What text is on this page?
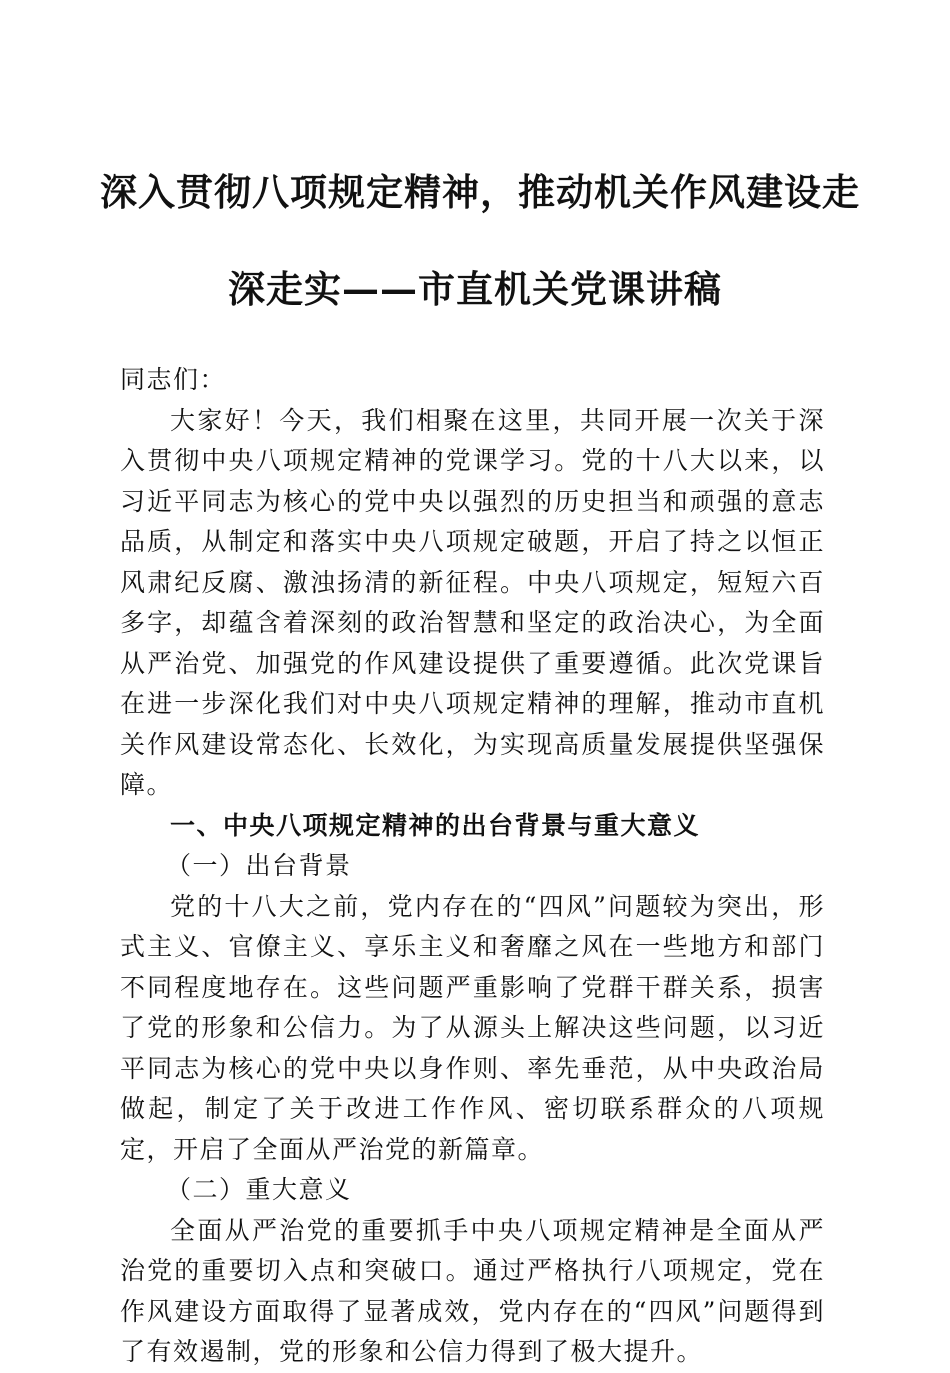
深入贯彻八项规定精神，推动机关作风建设走
深走实——市直机关党课讲稿

同志们：

大家好！今天，我们相聚在这里，共同开展一次关于深入贯彻中央八项规定精神的党课学习。党的十八大以来，以习近平同志为核心的党中央以强烈的历史担当和顽强的意志品质，从制定和落实中央八项规定破题，开启了持之以恒正风肃纪反腐、激浊扬清的新征程。中央八项规定，短短六百多字，却蕴含着深刻的政治智慧和坚定的政治决心，为全面从严治党、加强党的作风建设提供了重要遵循。此次党课旨在进一步深化我们对中央八项规定精神的理解，推动市直机关作风建设常态化、长效化，为实现高质量发展提供坚强保障。

一、中央八项规定精神的出台背景与重大意义

（一）出台背景

党的十八大之前，党内存在的“四风”问题较为突出，形式主义、官僚主义、享乐主义和奢靡之风在一些地方和部门不同程度地存在。这些问题严重影响了党群干群关系，损害了党的形象和公信力。为了从源头上解决这些问题，以习近平同志为核心的党中央以身作则、率先垂范，从中央政治局做起，制定了关于改进工作作风、密切联系群众的八项规定，开启了全面从严治党的新篇章。

（二）重大意义

全面从严治党的重要抓手中央八项规定精神是全面从严治党的重要切入点和突破口。通过严格执行八项规定，党在作风建设方面取得了显著成效，党内存在的“四风”问题得到了有效遏制，党的形象和公信力得到了极大提升。
